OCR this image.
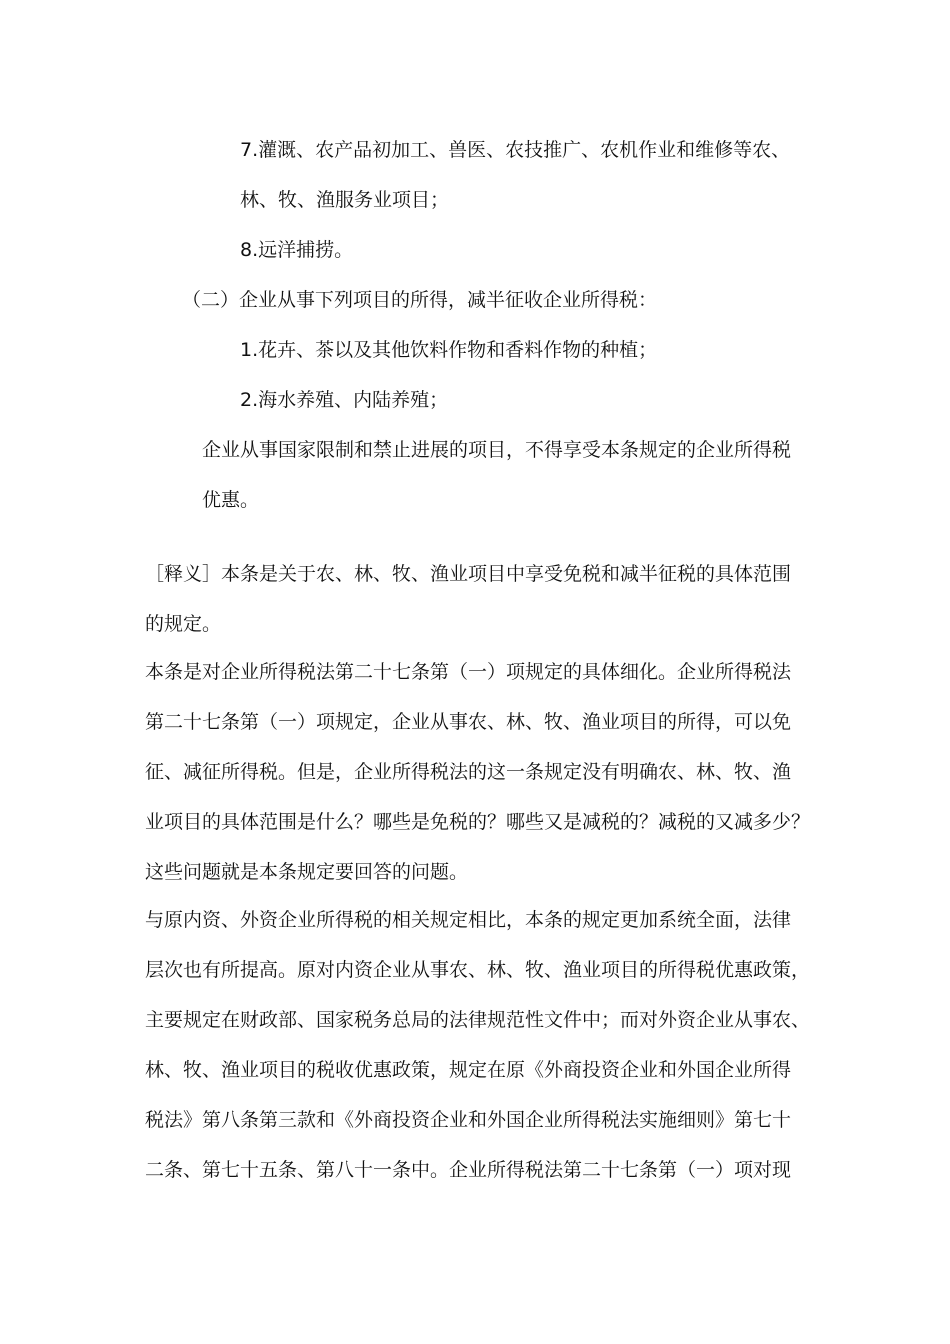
7.灌溉、农产品初加工、兽医、农技推广、农机作业和维修等农、
林、牧、渔服务业项目；
8.远洋捕捞。
（二）企业从事下列项目的所得，减半征收企业所得税：
1.花卉、茶以及其他饮料作物和香料作物的种植；
2.海水养殖、内陆养殖；
企业从事国家限制和禁止进展的项目，不得享受本条规定的企业所得税
优惠。
［释义］本条是关于农、林、牧、渔业项目中享受免税和减半征税的具体范围
的规定。
本条是对企业所得税法第二十七条第（一）项规定的具体细化。企业所得税法
第二十七条第（一）项规定，企业从事农、林、牧、渔业项目的所得，可以免
征、减征所得税。但是，企业所得税法的这一条规定没有明确农、林、牧、渔
业项目的具体范围是什么？哪些是免税的？哪些又是减税的？减税的又减多少？
这些问题就是本条规定要回答的问题。
与原内资、外资企业所得税的相关规定相比，本条的规定更加系统全面，法律
层次也有所提高。原对内资企业从事农、林、牧、渔业项目的所得税优惠政策，
主要规定在财政部、国家税务总局的法律规范性文件中；而对外资企业从事农、
林、牧、渔业项目的税收优惠政策，规定在原《外商投资企业和外国企业所得
税法》第八条第三款和《外商投资企业和外国企业所得税法实施细则》第七十
二条、第七十五条、第八十一条中。企业所得税法第二十七条第（一）项对现
